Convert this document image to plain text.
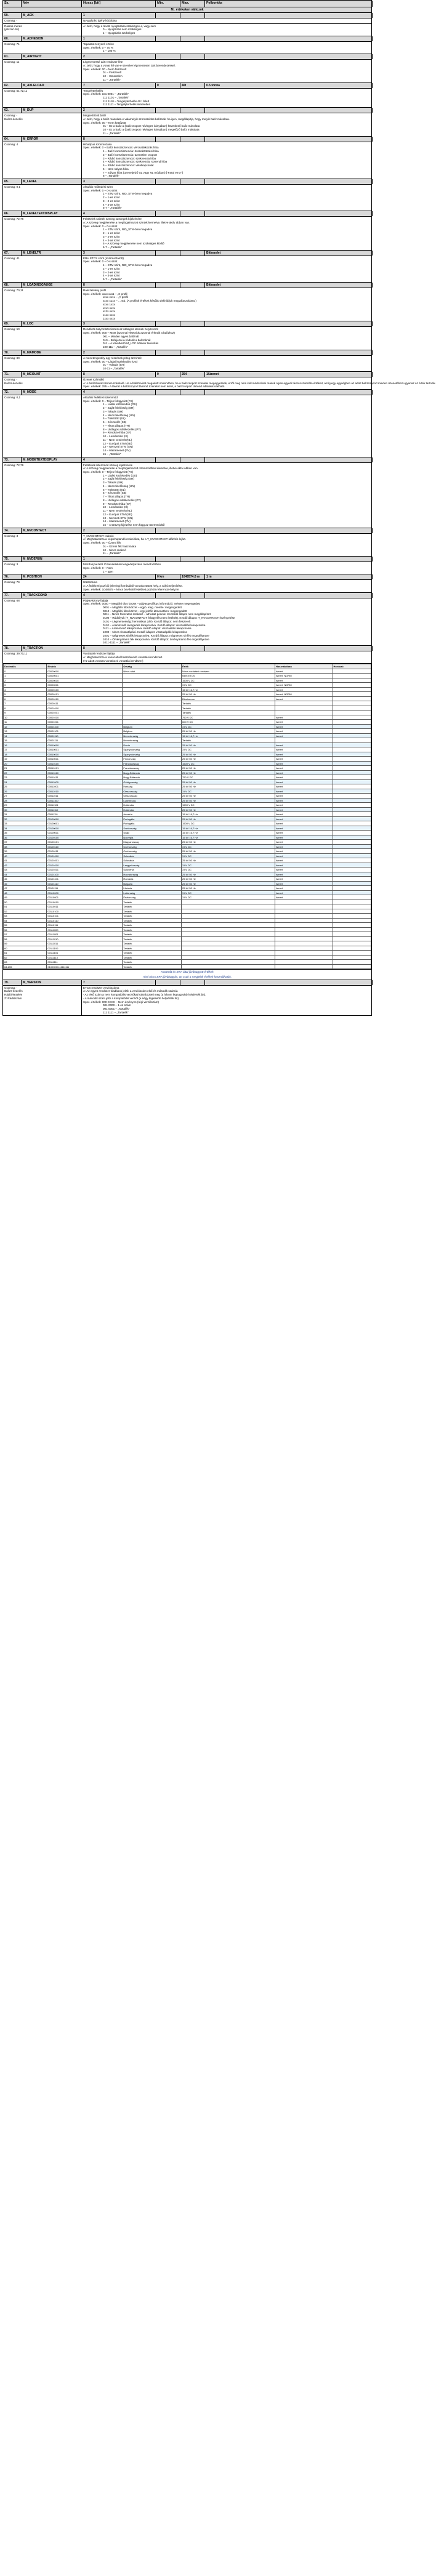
Sz.	Név	Hossz [bit]	Min.	Max.	Felbontás
M_ értékeken változók
59.	M_ACK	1
Csomag: -	Nyugtázási igény kódolása
Rádiós-mérés
(jelszor/-tól)
A: Jelzi, hogy a távolli nyugtázása szükséges-e, vagy sem
0 – Nyugtázás nem szükséges
1 – Nyugtázás szükséges
60.	M_ADHESION	1
Csomag: 71	Tapadási-tényező értéke
Spec. értékek: 0 – 70 %
1 – 100 %
61.	M_AIRTIGHT	2
Csomag: 11	Légmentessé zárt rendszer léte
A: Jelzi, hogy a vonat fel van-e szerelve légmentesen zárt berendezéssel.
Spec. értékek: 00 – Nem felszerelt
01 – Felszerelt
10 – Ismeretlen
11 – „Tartalék”
62.	M_AXLELOAD	7	0	40t	0.5 tonna
Csomag: 51,72,11	Tengelyterhelés
Spec. értékek: 101 0001 – „Tartalék”
111 1101 – „Tartalék”
111 1110 – Tengelyterhelés 40 t felett
111 1111 – Tengelyterhelés ismeretlen
63.	M_DUP	2
Csomag: -
Balízs-kezelés
Megkettőzött balíz
A: Jelzi, hogy a balíz másolata-e valamelyik szomszédos balíznak: ha igen, megállapítja, hogy melyik balíz másolata.
Spec. értékek: 00 – Nem kettőzött
01 – Ez a balíz a (balízcsoport névleges irányában) következő balíz másolata
10 – Ez a balíz a (balízcsoport névleges irányában) megelőző balíz másolata
11 – „Tartalék”
64.	M_ERROR	8
Csomag: 4	Hibatípus szonmózása
Spec. értékek: 0 – Balíz konszisztencia: vércsatlakozás hiba
1 – Balíz konszisztencia: összeköttetési hiba
2 – Balíz konszisztencia: üzenetlen csoport
3 – Rádió konszisztencia: szekvencia hiba
4 – Rádió konszisztencia: szekvencia, sorrend hiba
5 – Rádió konszisztencia: vételkapcsolat
6 – Nem sülyos hiba
7 – Súlyos hiba (üzenetjelző SL vagy NL módban) ["Fatal error"]
8 – „Tartalék”
65.	M_LEVEL	3
Csomag: 0,1	Aktuális működési szint
Spec. értékek: 0 – 0-s szint
1 – STM szint, NID_STM-ben megadva
2 – 1-es szint
3 – 2-es szint
4 – 3-as szint
5-7 – „Tartalék”
66.	M_LEVELTEXTDISPLAY	4
Csomag: 72,76	Feltételek szintek szöveg szövegek kijelzésére
A: A szöveg megjelenése a megfogalmazott szintek kiemelve, illetve aktív abban van.
Spec. értékek: 0 – 0-s szint
1 – STM szint, NID_STM-ben megadva
2 – 1-es szint
3 – 2-es szint
4 – 3-as szint
5 – A szöveg megjelenése nem szükséges kiölltő
6-7 – „Tartalék”
67.	M_LEVELTR	3	Bitkezelet
Csomag: 41	ERH ETCS szint (származtatott)
Spec. értékek: 0 – 0-s szint
1 – STM szint, NID_STM-ben megadva
2 – 1-es szint
3 – 2-es szint
4 – 3-as szint
5-7 – „Tartalék”
68.	M_LOADINGGAUGE	8	Bitkezelet
Csomag: 70,11	Rakszelvény profil
Spec. értékek: xxxx xxx1 – „X profil
xxxx xx1x – „Y profil
xxxx x1xx – ... stb. (A profilok értékeit később definiáljuk megválaszolásra.)
xxxx 1xxx
xxx1 xxxx
xx1x xxxx
x1xx xxxx
1xxx xxxx
69.	M_LOC	3
Csomag: 50	Rendőrök helyzetszerűsítési az utólagos elemek helyzetéről
Spec. értékek: 000 – Most (azonnal vétetniük azonnal érkezik a balízhoz)
001 – Minden egyes balíznál
010 – Befejezni a kódolót a balízoknál
011 – A következő M_LOC értékek tanúsítás
100-111 – „Tartalék”
70.	M_MAMODE	2
Csomag: 80	A menetengedély egy részének jelleg szerintől
Spec. értékek: 00 – Látási közlekedés (OS)
01 – Tolatás (SH)
10-11 – „Tartalék”
71.	M_MCOUNT	8	0	254	1/üzenet
Csomag: -
Balízs-kezelés
Üzenet számláló
A: A balíztávirat üzenet-számláló. Ha a balíztávirat megadott sorrendben, ha a balízcsoport üzenetei megegyeznek, erről még nem kell módosítani mások olyan egyedi távirat-számláló értékeit, amíg egy egységben az adott balízcsoport minden üzenetéhez ugyanaz az érték tartozik.
Spec. értékek: 255 – A távirat a balízcsoport tárrend üzenetét nem érinti, a balízcsoport tárrend adatokat utalható.
72.	M_MODE	4
Csomag: 0,1	Aktuális fedélzeti üzemmód
Spec. értékek: 0 – Teljes felügyelet (FS)
1 – Látási közlekedés (OS)
2 – Saját felelősség (SR)
3 – Tolatás (SH)
4 – Nincs felelősség (UN)
5 – Tükrözött (SL)
6 – Készenlét (SB)
7 – Tiltott állapot (TR)
8 – Utólagos adatkezelés (PT)
9 – Rendszerhiba (SF)
10 – Lemásolás (IS)
11 – Nem vezérelt (NL)
12 – Európai STM (SE)
13 – Nemzeti STM (SN)
14 – Hátramenet (RV)
15 – „Tartalék”
73.	M_MODETEXTDISPLAY	4
Csomag: 72,76	Feltételek üzemmód szöveg kijelzésére
A: A szöveg megjelenése a megfogalmazott üzemmódban kiemelve, illetve aktív abban van.
Spec. értékek: 0 – Teljes felügyelet (FS)
1 – Látási közlekedés (OS)
2 – Saját felelősség (SR)
3 – Tolatás (SH)
4 – Nincs felelősség (UN)
5 – Tükrözött (SL)
6 – Készenlét (SB)
7 – Tiltott állapot (TR)
8 – Utólagos adatkezelés (PT)
9 – Rendszerhiba (SF)
10 – Lemásolás (IS)
11 – Nem vezérelt (NL)
12 – Európai STM (SE)
13 – Nemzeti STM (SN)
14 – Hátramenet (RV)
15 – A szöveg kijelzése nem függ az üzemmódtól
74.	M_NVCONTACT	2
Csomag: 3	T_NVCONTACT reakció
A: Meghatározza a végrehajtandó reakciókat, ha a T_NVCONTACT időzítés lejárt.
Spec. értékek: 00 – Üzemi fék
01 – Üzemi fék használata
10 – Nincs reakció
11 – „Tartalék”
75.	M_NVDERUN	1
Csomag: 3	Mozdonyvezető ID beviteleként engedélyezése menet közben
Spec. értékek: 0 – Nem
1 – Igen
76.	M_POSITION	24	0 km	1048574.8 m	1 m
Csomag: 79	Ütköszáma
A: A fedélzeti pozíció jelenlegi forrásából vonatkoztatott hely, a vályú teljesítése.
Spec. értékek: 1048575 – Nincs bevihető fedélzeti pozíció referencia-helyzet
77.	M_TRACKCOND	4
Csomag: 68	Pályaviszony fajtája
Spec. értékek: 0000 – Megállni tilos körzet – pályaspecifikus információ: mérete megengedett
0001 – Megállni tilos körzet – egyb. kieg. mérete: megengedett
0010 – Megállni tilos körzet – egy jelzőn átmenetben: megengedett
0011 – Nincs fokozatos szakasz – áthuzalt ponnál. Kezdődő állapot nem megállapított
0100 – Rádiólyuk (T_NVCONTACT felügyelés nem értékelt). Kezdő állapot: T_NVCONTACT érvényelése
0101 – Légmentesség: hermetikus záró. Kezdő állapot: nem felszerelt
0110 – Áramszedő leengedés lekapcsolva. Kezdő állapot: visszaállás lekapcsolva
0111 – Áramszedő lekapcsolva. Kezdő állapot: visszaállás lekapcsolva
1000 – Nincs visszatápáló. Kezdő állapot: visszatápáló lekapcsolva
1001 – Mágneses sínfék lekapcsolva. Kezdő állapot: mágneses sínfék engedélyezve
1010 – Örvényáramú fék lekapcsolva. Kezdő állapot: örvényáramú fék engedélyezve
1011-1111 – „Tartalék”
78.	M_TRACTION	8
Csomag: 39,70,11	Vontatási rendszer fajtája
A: Meghatározza a vonat által használandó vontatási rendszert.
(Az adott vonatra vonatkozó vontatási rendszer)
Decimális	Bináris	Ország	Érték	Használatban	Hordozó
0	00000000	Nincs adat	Nincs vontatási rendszer	Ismert	
1	00000001		Nem ETCS	Ismert, NORM	
2	00000010		1500 V DC	Ismert	
3	00000011		3 kV DC	Ismert, NORM	
4	00000100		15 kV 16,7 Hz	Ismert	
5	00000101		25 kV 50 Hz	Ismert, NORM	
6	00000110		Bisztromos	Ismert	
7	00000111		Tartalék		
8	00001000		Tartalék		
9	00001001		Tartalék		
10	00001010		750 V DC	Ismert	
11	00001011		600 V DC	Ismert	
12	00001100	Belgium	3 kV DC	Ismert	
13	00001101	Belgium	25 kV 50 Hz	Ismert	
14	00001110	Németország	15 kV 16,7 Hz	Ismert	
15	00001111	Németország	Tartalék		
16	00010000	Dánia	25 kV 50 Hz	Ismert	
17	00010001	Spanyolország	3 kV DC	Ismert	
18	00010010	Spanyolország	25 kV 50 Hz	Ismert	
19	00010011	Finnország	25 kV 50 Hz	Ismert	
20	00010100	Franciaország	1500 V DC	Ismert	
21	00010101	Franciaország	25 kV 50 Hz	Ismert	
22	00010110	Nagy-Britannia	25 kV 50 Hz	Ismert	
23	00010111	Nagy-Britannia	750 V DC	Ismert	
24	00011000	Görögország	25 kV 50 Hz	Ismert	
25	00011001	Írország	25 kV 50 Hz	Ismert	
26	00011010	Olaszország	3 kV DC	Ismert	
27	00011011	Olaszország	25 kV 50 Hz	Ismert	
28	00011100	Luxemburg	25 kV 50 Hz	Ismert	
29	00011101	Hollandia	1500 V DC	Ismert	
30	00011110	Hollandia	25 kV 50 Hz	Ismert	
31	00011111	Ausztria	15 kV 16,7 Hz	Ismert	
32	00100000	Portugália	25 kV 50 Hz	Ismert	
33	00100001	Portugália	1500 V DC	Ismert	
34	00100010	Svédország	15 kV 16,7 Hz	Ismert	
35	00100011	Svájc	15 kV 16,7 Hz	Ismert	
36	00100100	Norvégia	15 kV 16,7 Hz	Ismert	
37	00100101	Magyarország	25 kV 50 Hz	Ismert	
38	00100110	Csehország	3 kV DC	Ismert	
39	00100111	Csehország	25 kV 50 Hz	Ismert	
40	00101000	Szlovákia	3 kV DC	Ismert	
41	00101001	Szlovákia	25 kV 50 Hz	Ismert	
42	00101010	Lengyelország	3 kV DC	Ismert	
43	00101011	Szlovénia	3 kV DC	Ismert	
44	00101100	Horvátország	25 kV 50 Hz	Ismert	
45	00101101	Románia	25 kV 50 Hz	Ismert	
46	00101110	Bulgária	25 kV 50 Hz	Ismert	
47	00101111	Litvánia	25 kV 50 Hz	Ismert	
48	00110000	Lettország	3 kV DC	Ismert	
49	00110001	Észtország	3 kV DC	Ismert	
50	00110010	Tartalék			
51	00110011	Tartalék			
52	00110100	Tartalék			
53	00110101	Tartalék			
54	00110110	Tartalék			
55	00110111	Tartalék			
56	00111000	Tartalék			
57	00111001	Tartalék			
58	00111010	Tartalék			
59	00111011	Tartalék			
60	00111100	Tartalék			
61	00111101	Tartalék			
62	00111110	Tartalék			
63	00111111	Tartalék			
64-255	01000000-11111111	Tartalék			
Használt és ERA által jóváhagyott értékek
Ahol nincs ERA jóváhagyás, ott csak a megjelölt értékek használhatók.
79.	M_VERSION	7
Csomag: -
Balízs-kezelés
Rádió-kezelés
Z: Rádiószám
ETCS rendszer verziószáma
A: Az egyes rendszer-kiadások jelzik a verziószám első és második számát.
- Az első szám a nem kompatibilis verziókat különbözteti meg (a három legnagyobb helyiérték bit).
- A második szám jelzi a kompatibilis verziót (a négy legkisebb helyiérték bit).
Spec. értékek: 000 XXXX – Nem érvényes (régi verziószám)
001 0000 – 1-es szám
001 0001 – „Tartalék”
111 1111 – „Tartalék”
